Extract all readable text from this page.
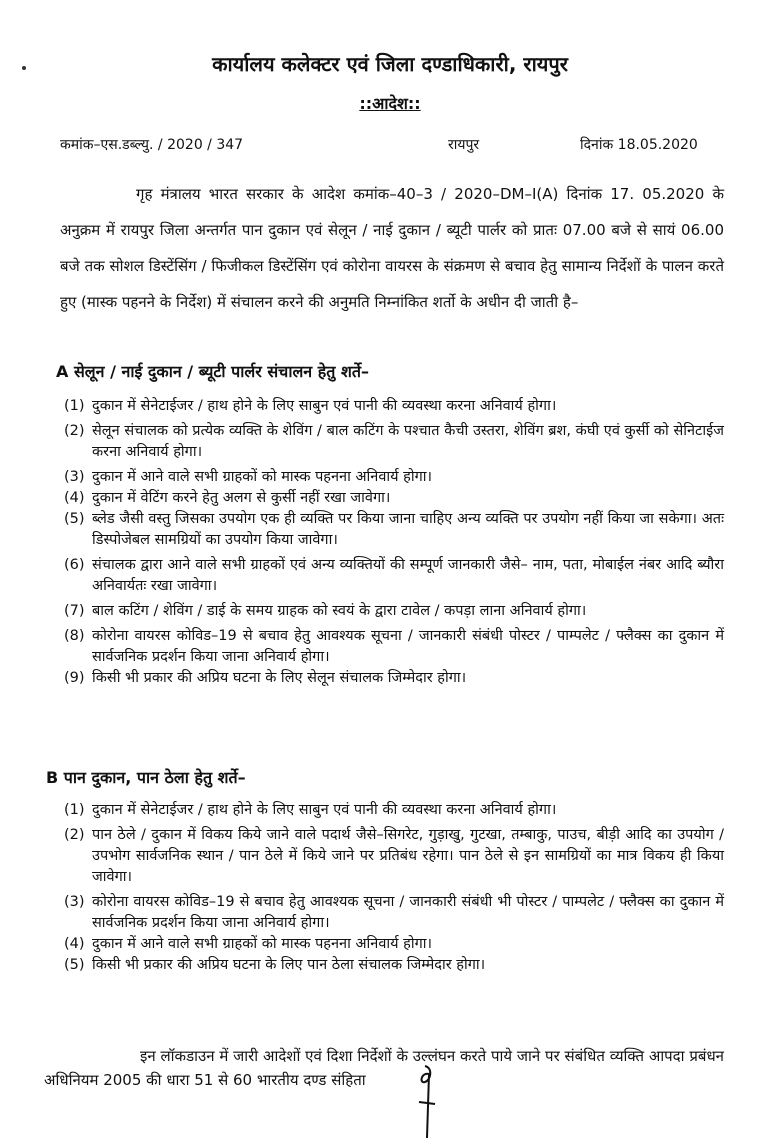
कार्यालय कलेक्टर एवं जिला दण्डाधिकारी, रायपुर
::आदेश::
कमांक–एस.डब्ल्यु. / 2020 / 347	रायपुर	दिनांक 18.05.2020
गृह मंत्रालय भारत सरकार के आदेश कमांक–40–3 / 2020–DM–I(A) दिनांक 17. 05.2020 के अनुक्रम में रायपुर जिला अन्तर्गत पान दुकान एवं सेलून / नाई दुकान / ब्यूटी पार्लर को प्रातः 07.00 बजे से सायं 06.00 बजे तक सोशल डिस्टेंसिंग / फिजीकल डिस्टेंसिंग एवं कोरोना वायरस के संक्रमण से बचाव हेतु सामान्य निर्देशों के पालन करते हुए (मास्क पहनने के निर्देश) में संचालन करने की अनुमति निम्नांकित शर्तो के अधीन दी जाती है–
A सेलून / नाई दुकान / ब्यूटी पार्लर संचालन हेतु शर्ते–
(1) दुकान में सेनेटाईजर / हाथ होने के लिए साबुन एवं पानी की व्यवस्था करना अनिवार्य होगा।
(2) सेलून संचालक को प्रत्येक व्यक्ति के शेविंग / बाल कटिंग के पश्चात कैची उस्तरा, शेविंग ब्रश, कंघी एवं कुर्सी को सेनिटाईज करना अनिवार्य होगा।
(3) दुकान में आने वाले सभी ग्राहकों को मास्क पहनना अनिवार्य होगा।
(4) दुकान में वेटिंग करने हेतु अलग से कुर्सी नहीं रखा जावेगा।
(5) ब्लेड जैसी वस्तु जिसका उपयोग एक ही व्यक्ति पर किया जाना चाहिए अन्य व्यक्ति पर उपयोग नहीं किया जा सकेगा। अतः डिस्पोजेबल सामग्रियों का उपयोग किया जावेगा।
(6) संचालक द्वारा आने वाले सभी ग्राहकों एवं अन्य व्यक्तियों की सम्पूर्ण जानकारी जैसे– नाम, पता, मोबाईल नंबर आदि ब्यौरा अनिवार्यतः रखा जावेगा।
(7) बाल कटिंग / शेविंग / डाई के समय ग्राहक को स्वयं के द्वारा टावेल / कपड़ा लाना अनिवार्य होगा।
(8) कोरोना वायरस कोविड–19 से बचाव हेतु आवश्यक सूचना / जानकारी संबंधी पोस्टर / पाम्पलेट / फ्लैक्स का दुकान में सार्वजनिक प्रदर्शन किया जाना अनिवार्य होगा।
(9) किसी भी प्रकार की अप्रिय घटना के लिए सेलून संचालक जिम्मेदार होगा।
B पान दुकान, पान ठेला हेतु शर्ते–
(1) दुकान में सेनेटाईजर / हाथ होने के लिए साबुन एवं पानी की व्यवस्था करना अनिवार्य होगा।
(2) पान ठेले / दुकान में विकय किये जाने वाले पदार्थ जैसे–सिगरेट, गुड़ाखु, गुटखा, तम्बाकु, पाउच, बीड़ी आदि का उपयोग / उपभोग सार्वजनिक स्थान / पान ठेले में किये जाने पर प्रतिबंध रहेगा। पान ठेले से इन सामग्रियों का मात्र विकय ही किया जावेगा।
(3) कोरोना वायरस कोविड–19 से बचाव हेतु आवश्यक सूचना / जानकारी संबंधी भी पोस्टर / पाम्पलेट / फ्लैक्स का दुकान में सार्वजनिक प्रदर्शन किया जाना अनिवार्य होगा।
(4) दुकान में आने वाले सभी ग्राहकों को मास्क पहनना अनिवार्य होगा।
(5) किसी भी प्रकार की अप्रिय घटना के लिए पान ठेला संचालक जिम्मेदार होगा।
इन लॉकडाउन में जारी आदेशों एवं दिशा निर्देशों के उल्लंघन करते पाये जाने पर संबंधित व्यक्ति आपदा प्रबंधन अधिनियम 2005 की धारा 51 से 60 भारतीय दण्ड संहिता
